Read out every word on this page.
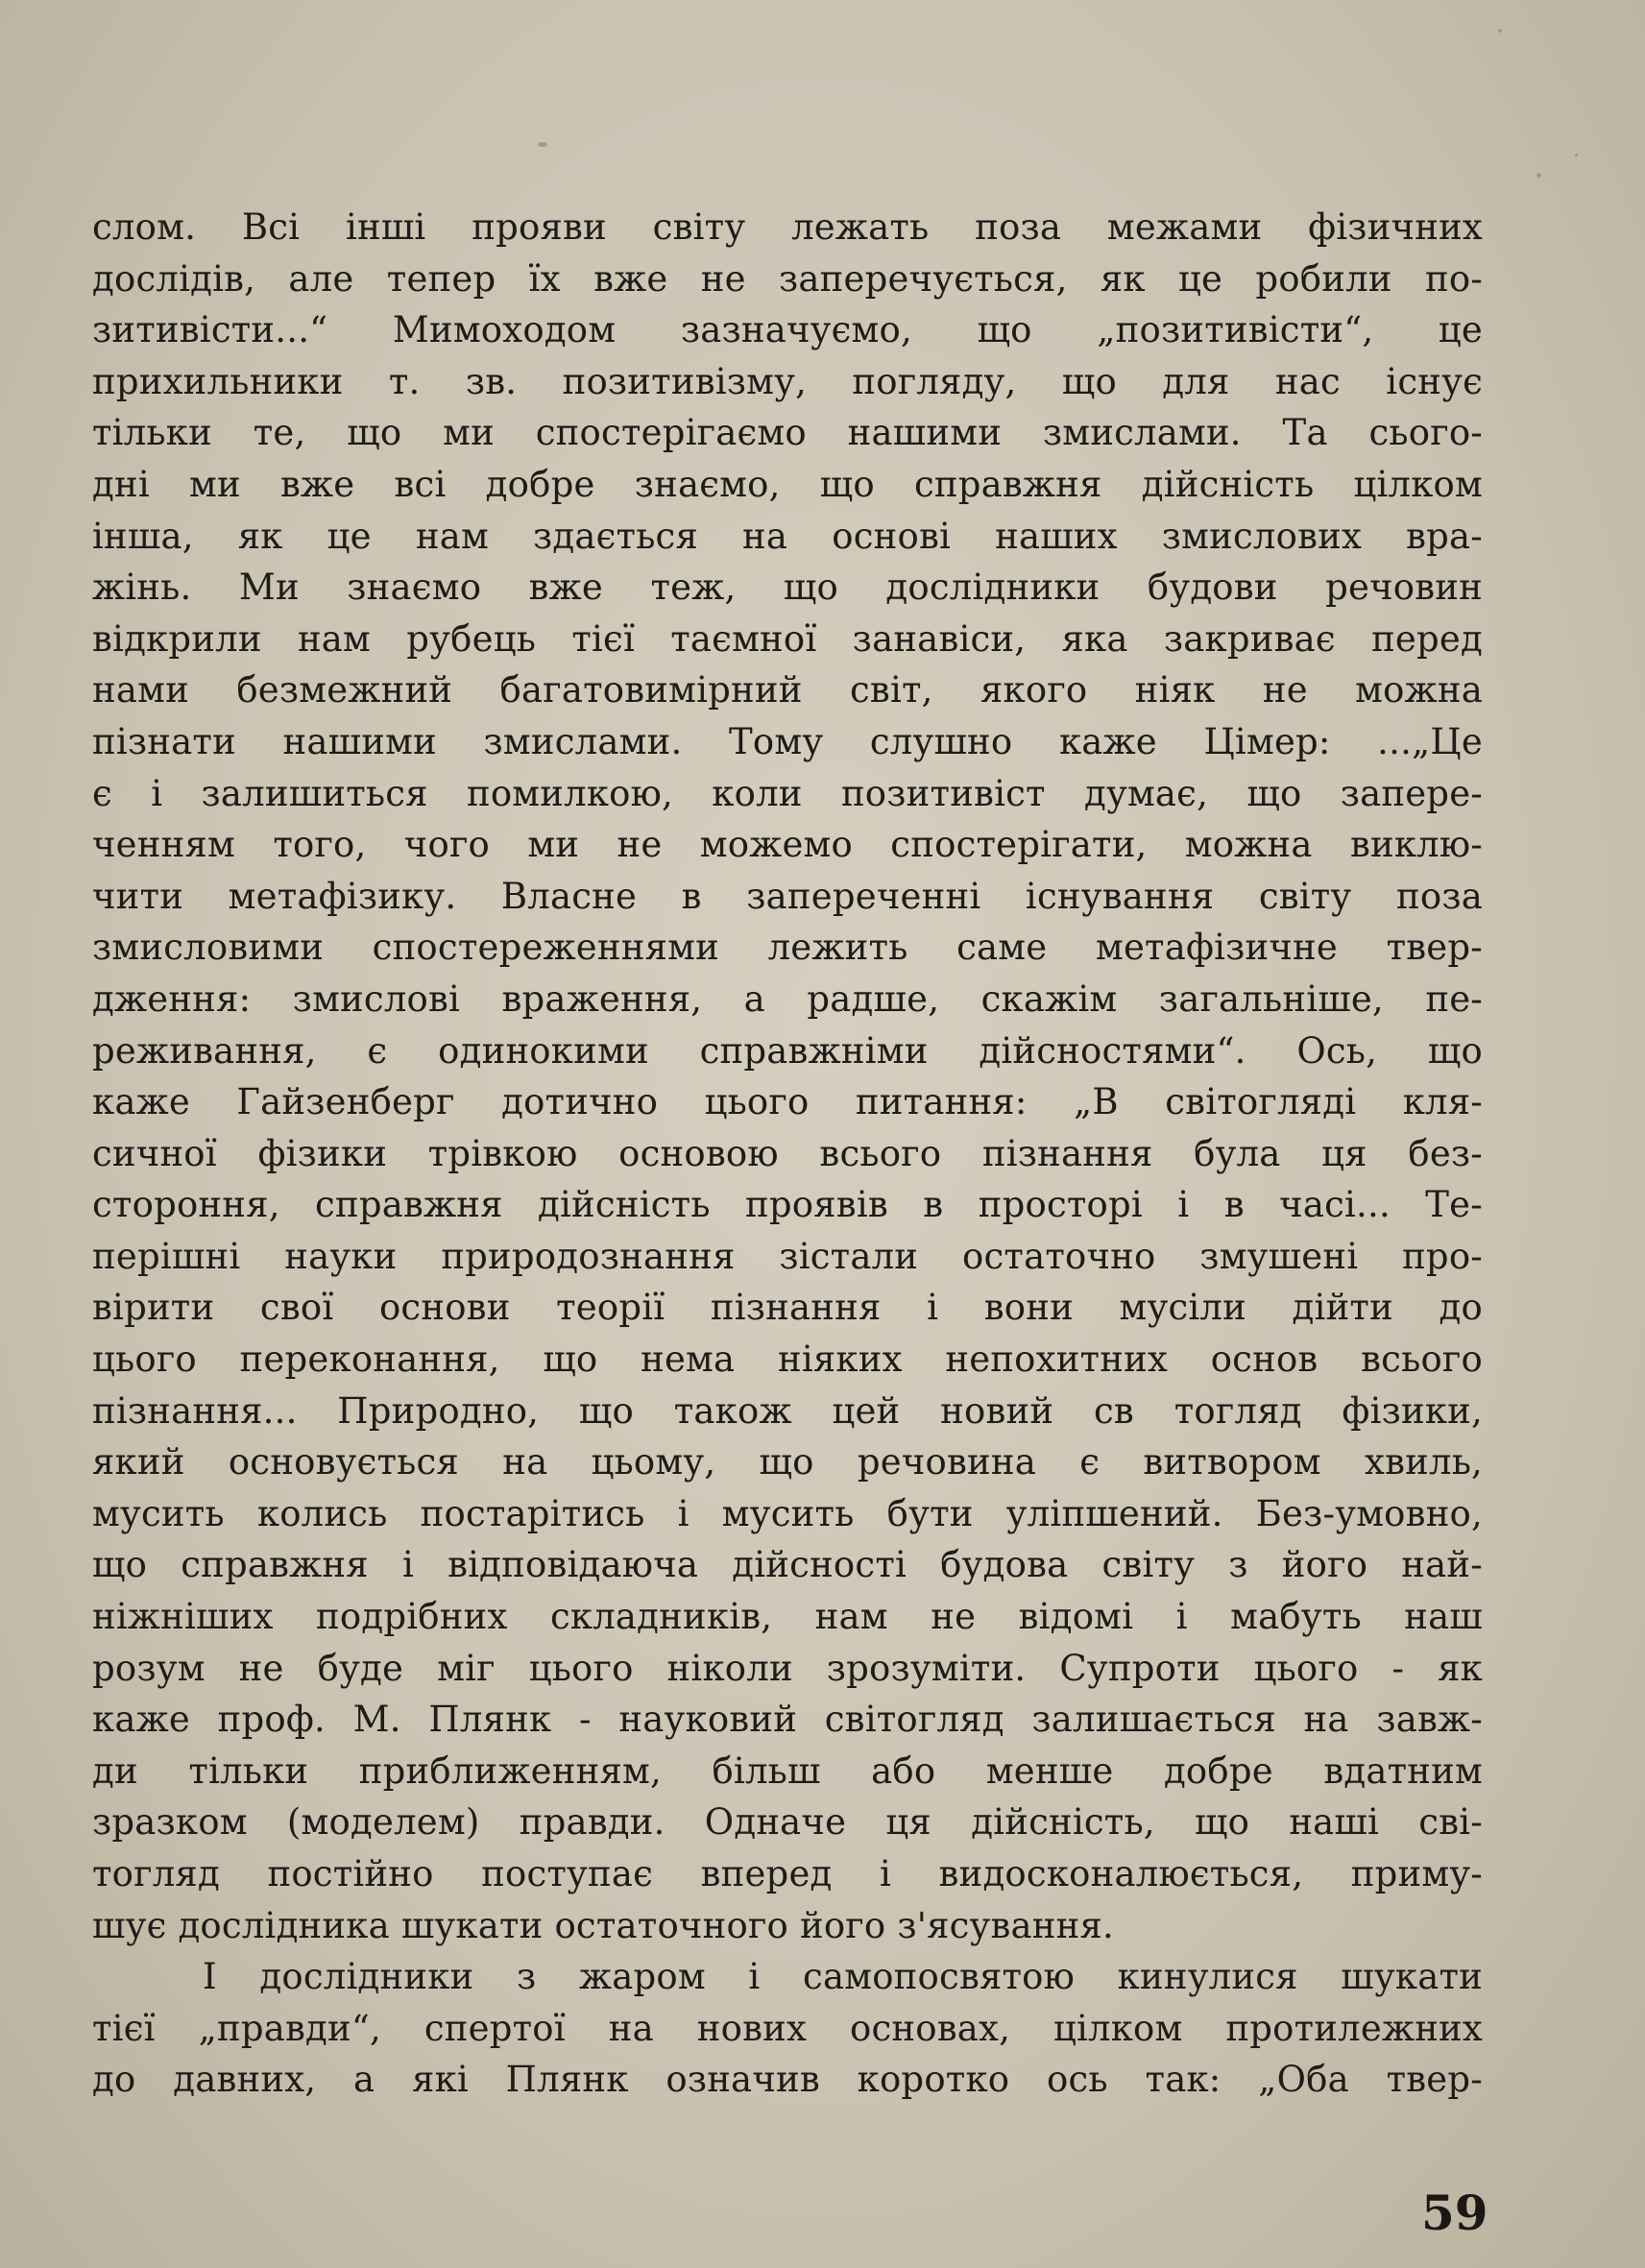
слом. Всі інші прояви світу лежать поза межами фізичних
дослідів, але тепер їх вже не заперечується, як це робили по-
зитивісти...“ Мимоходом зазначуємо, що „позитивісти“, це
прихильники т. зв. позитивізму, погляду, що для нас існує
тільки те, що ми спостерігаємо нашими змислами. Та сього-
дні ми вже всі добре знаємо, що справжня дійсність цілком
інша, як це нам здається на основі наших змислових вра-
жінь. Ми знаємо вже теж, що дослідники будови речовин
відкрили нам рубець тієї таємної занавіси, яка закриває перед
нами безмежний багатовимірний світ, якого ніяк не можна
пізнати нашими змислами. Тому слушно каже Цімер: ...„Це
є і залишиться помилкою, коли позитивіст думає, що запере-
ченням того, чого ми не можемо спостерігати, можна виклю-
чити метафізику. Власне в запереченні існування світу поза
змисловими спостереженнями лежить саме метафізичне твер-
дження: змислові враження, а радше, скажім загальніше, пе-
реживання, є одинокими справжніми дійсностями“. Ось, що
каже Гайзенберг дотично цього питання: „В світогляді кля-
сичної фізики трівкою основою всього пізнання була ця без-
стороння, справжня дійсність проявів в просторі і в часі... Те-
перішні науки природознання зістали остаточно змушені про-
вірити свої основи теорії пізнання і вони мусіли дійти до
цього переконання, що нема ніяких непохитних основ всього
пізнання... Природно, що також цей новий св тогляд фізики,
який основується на цьому, що речовина є витвором хвиль,
мусить колись постарітись і мусить бути уліпшений. Без-умовно,
що справжня і відповідаюча дійсності будова світу з його най-
ніжніших подрібних складників, нам не відомі і мабуть наш
розум не буде міг цього ніколи зрозуміти. Супроти цього - як
каже проф. М. Плянк - науковий світогляд залишається на завж-
ди тільки приближенням, більш або менше добре вдатним
зразком (моделем) правди. Одначе ця дійсність, що наші сві-
тогляд постійно поступає вперед і видосконалюється, приму-
шує дослідника шукати остаточного його з'ясування.
І дослідники з жаром і самопосвятою кинулися шукати
тієї „правди“, спертої на нових основах, цілком протилежних
до давних, а які Плянк означив коротко ось так: „Оба твер-
59
